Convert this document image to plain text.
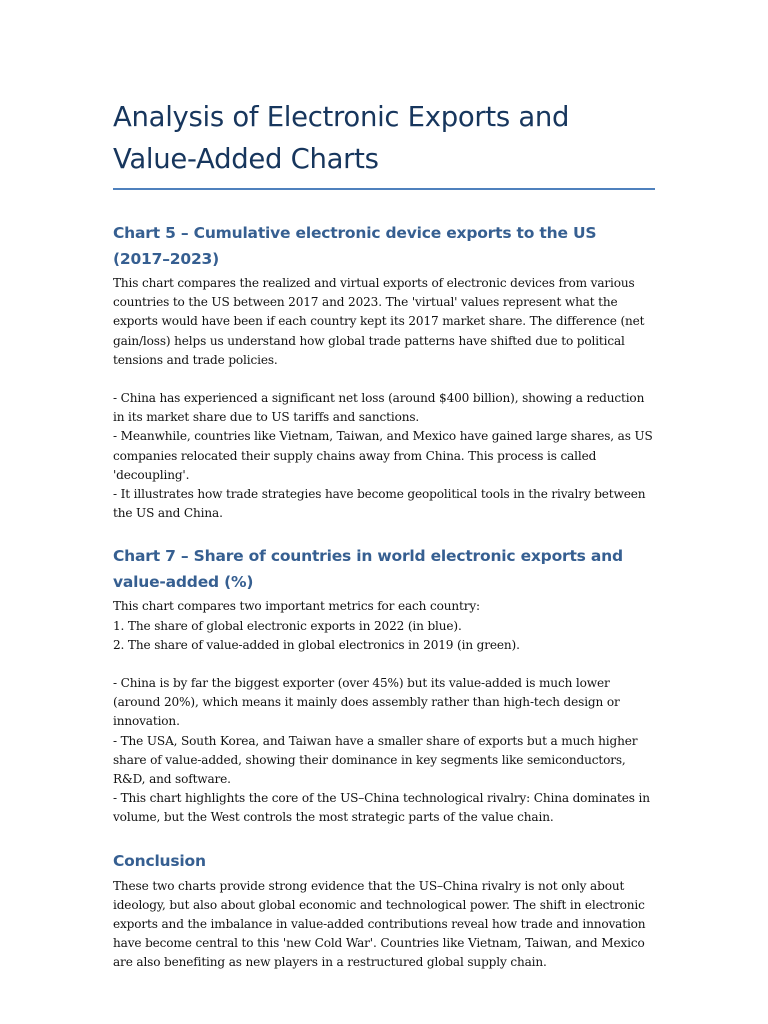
Analysis of Electronic Exports and Value-Added Charts
Chart 5 – Cumulative electronic device exports to the US (2017–2023)

This chart compares the realized and virtual exports of electronic devices from various countries to the US between 2017 and 2023. The 'virtual' values represent what the exports would have been if each country kept its 2017 market share. The difference (net gain/loss) helps us understand how global trade patterns have shifted due to political tensions and trade policies.

- China has experienced a significant net loss (around $400 billion), showing a reduction in its market share due to US tariffs and sanctions.

- Meanwhile, countries like Vietnam, Taiwan, and Mexico have gained large shares, as US companies relocated their supply chains away from China. This process is called 'decoupling'.

- It illustrates how trade strategies have become geopolitical tools in the rivalry between the US and China.

Chart 7 – Share of countries in world electronic exports and value-added (%)

This chart compares two important metrics for each country:

1. The share of global electronic exports in 2022 (in blue).

2. The share of value-added in global electronics in 2019 (in green).

- China is by far the biggest exporter (over 45%) but its value-added is much lower (around 20%), which means it mainly does assembly rather than high-tech design or innovation.

- The USA, South Korea, and Taiwan have a smaller share of exports but a much higher share of value-added, showing their dominance in key segments like semiconductors, R&D, and software.

- This chart highlights the core of the US–China technological rivalry: China dominates in volume, but the West controls the most strategic parts of the value chain.

Conclusion

These two charts provide strong evidence that the US–China rivalry is not only about ideology, but also about global economic and technological power. The shift in electronic exports and the imbalance in value-added contributions reveal how trade and innovation have become central to this 'new Cold War'. Countries like Vietnam, Taiwan, and Mexico are also benefiting as new players in a restructured global supply chain.
